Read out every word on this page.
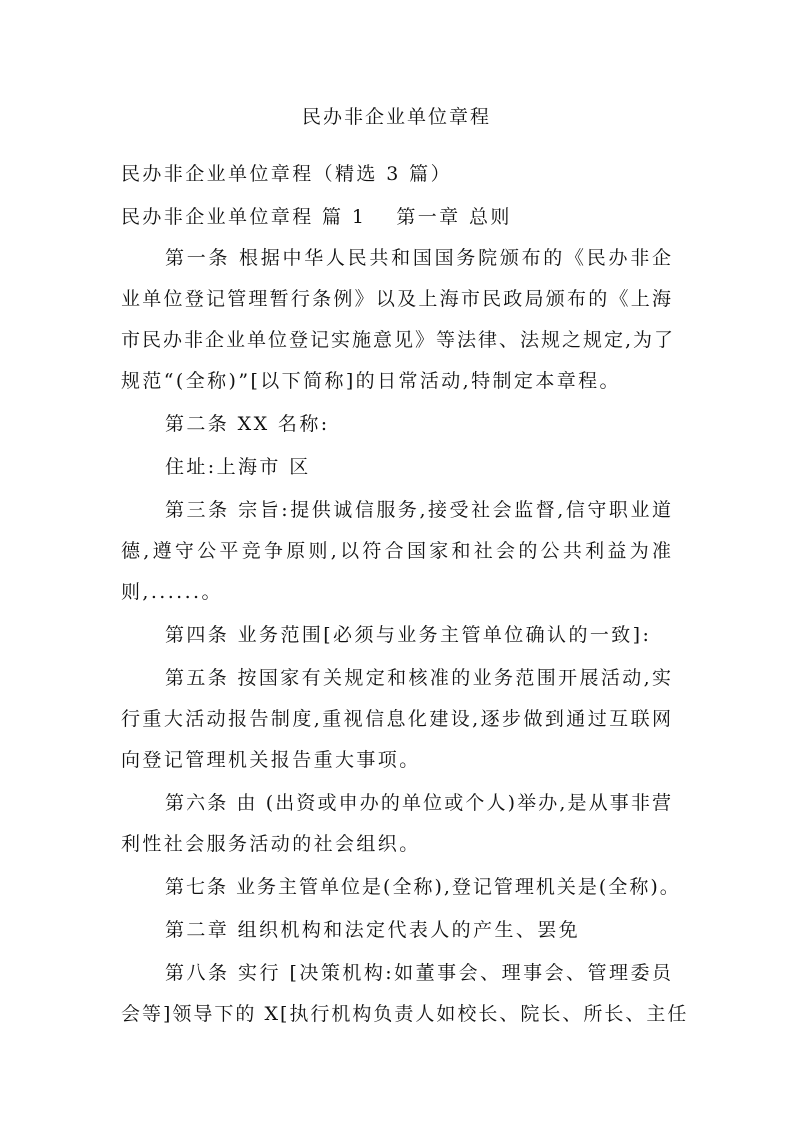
民办非企业单位章程
民办非企业单位章程（精选 3 篇）
民办非企业单位章程 篇 1 第一章 总则
第一条 根据中华人民共和国国务院颁布的《民办非企
业单位登记管理暂行条例》以及上海市民政局颁布的《上海
市民办非企业单位登记实施意见》等法律、法规之规定,为了
规范“(全称)”[以下简称]的日常活动,特制定本章程。
第二条 XX 名称:
住址:上海市 区
第三条 宗旨:提供诚信服务,接受社会监督,信守职业道
德,遵守公平竞争原则,以符合国家和社会的公共利益为准
则,......。
第四条 业务范围[必须与业务主管单位确认的一致]:
第五条 按国家有关规定和核准的业务范围开展活动,实
行重大活动报告制度,重视信息化建设,逐步做到通过互联网
向登记管理机关报告重大事项。
第六条 由 (出资或申办的单位或个人)举办,是从事非营
利性社会服务活动的社会组织。
第七条 业务主管单位是(全称),登记管理机关是(全称)。
第二章 组织机构和法定代表人的产生、罢免
第八条 实行 [决策机构:如董事会、理事会、管理委员
会等]领导下的 X[执行机构负责人如校长、院长、所长、主任
